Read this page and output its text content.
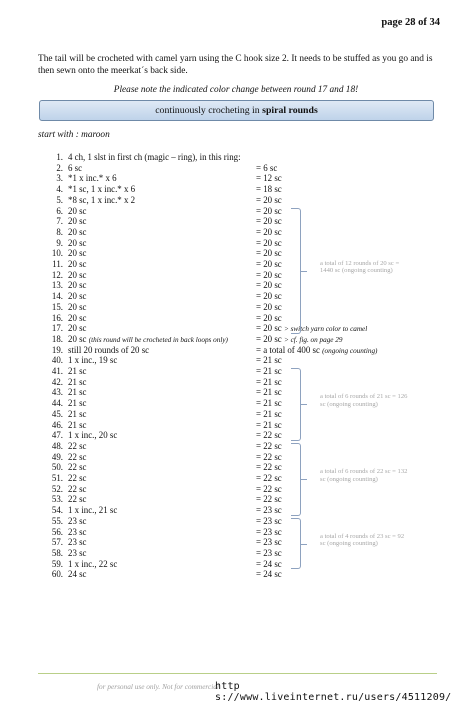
page 28 of 34
The tail will be crocheted with camel yarn using the C hook size 2. It needs to be stuffed as you go and is then sewn onto the meerkat´s back side.
Please note the indicated color change between round 17 and 18!
continuously crocheting in spiral rounds
start with : maroon
1. 4 ch, 1 slst in first ch (magic – ring), in this ring:
2. 6 sc	= 6 sc
3. *1 x inc.* x 6	= 12 sc
4. *1 sc, 1 x inc.* x 6	= 18 sc
5. *8 sc, 1 x inc.* x 2	= 20 sc
6. 20 sc	= 20 sc
7. 20 sc	= 20 sc
8. 20 sc	= 20 sc
9. 20 sc	= 20 sc
10. 20 sc	= 20 sc
11. 20 sc	= 20 sc
12. 20 sc	= 20 sc
13. 20 sc	= 20 sc
14. 20 sc	= 20 sc
15. 20 sc	= 20 sc
16. 20 sc	= 20 sc
17. 20 sc	= 20 sc > switch yarn color to camel
18. 20 sc (this round will be crocheted in back loops only)	= 20 sc > cf. fig. on page 29
19. still 20 rounds of 20 sc	= a total of 400 sc (ongoing counting)
40. 1 x inc., 19 sc	= 21 sc
41. 21 sc	= 21 sc
42. 21 sc	= 21 sc
43. 21 sc	= 21 sc
44. 21 sc	= 21 sc
45. 21 sc	= 21 sc
46. 21 sc	= 21 sc
47. 1 x inc., 20 sc	= 22 sc
48. 22 sc	= 22 sc
49. 22 sc	= 22 sc
50. 22 sc	= 22 sc
51. 22 sc	= 22 sc
52. 22 sc	= 22 sc
53. 22 sc	= 22 sc
54. 1 x inc., 21 sc	= 23 sc
55. 23 sc	= 23 sc
56. 23 sc	= 23 sc
57. 23 sc	= 23 sc
58. 23 sc	= 23 sc
59. 1 x inc., 22 sc	= 24 sc
60. 24 sc	= 24 sc
a total of 12 rounds of 20 sc = 1440 sc (ongoing counting)
a total of 6 rounds of 21 sc = 126 sc (ongoing counting)
a total of 6 rounds of 22 sc = 132 sc (ongoing counting)
a total of 4 rounds of 23 sc = 92 sc (ongoing counting)
for personal use only. Not for commercial
http s://www.liveinternet.ru/users/4511209/
